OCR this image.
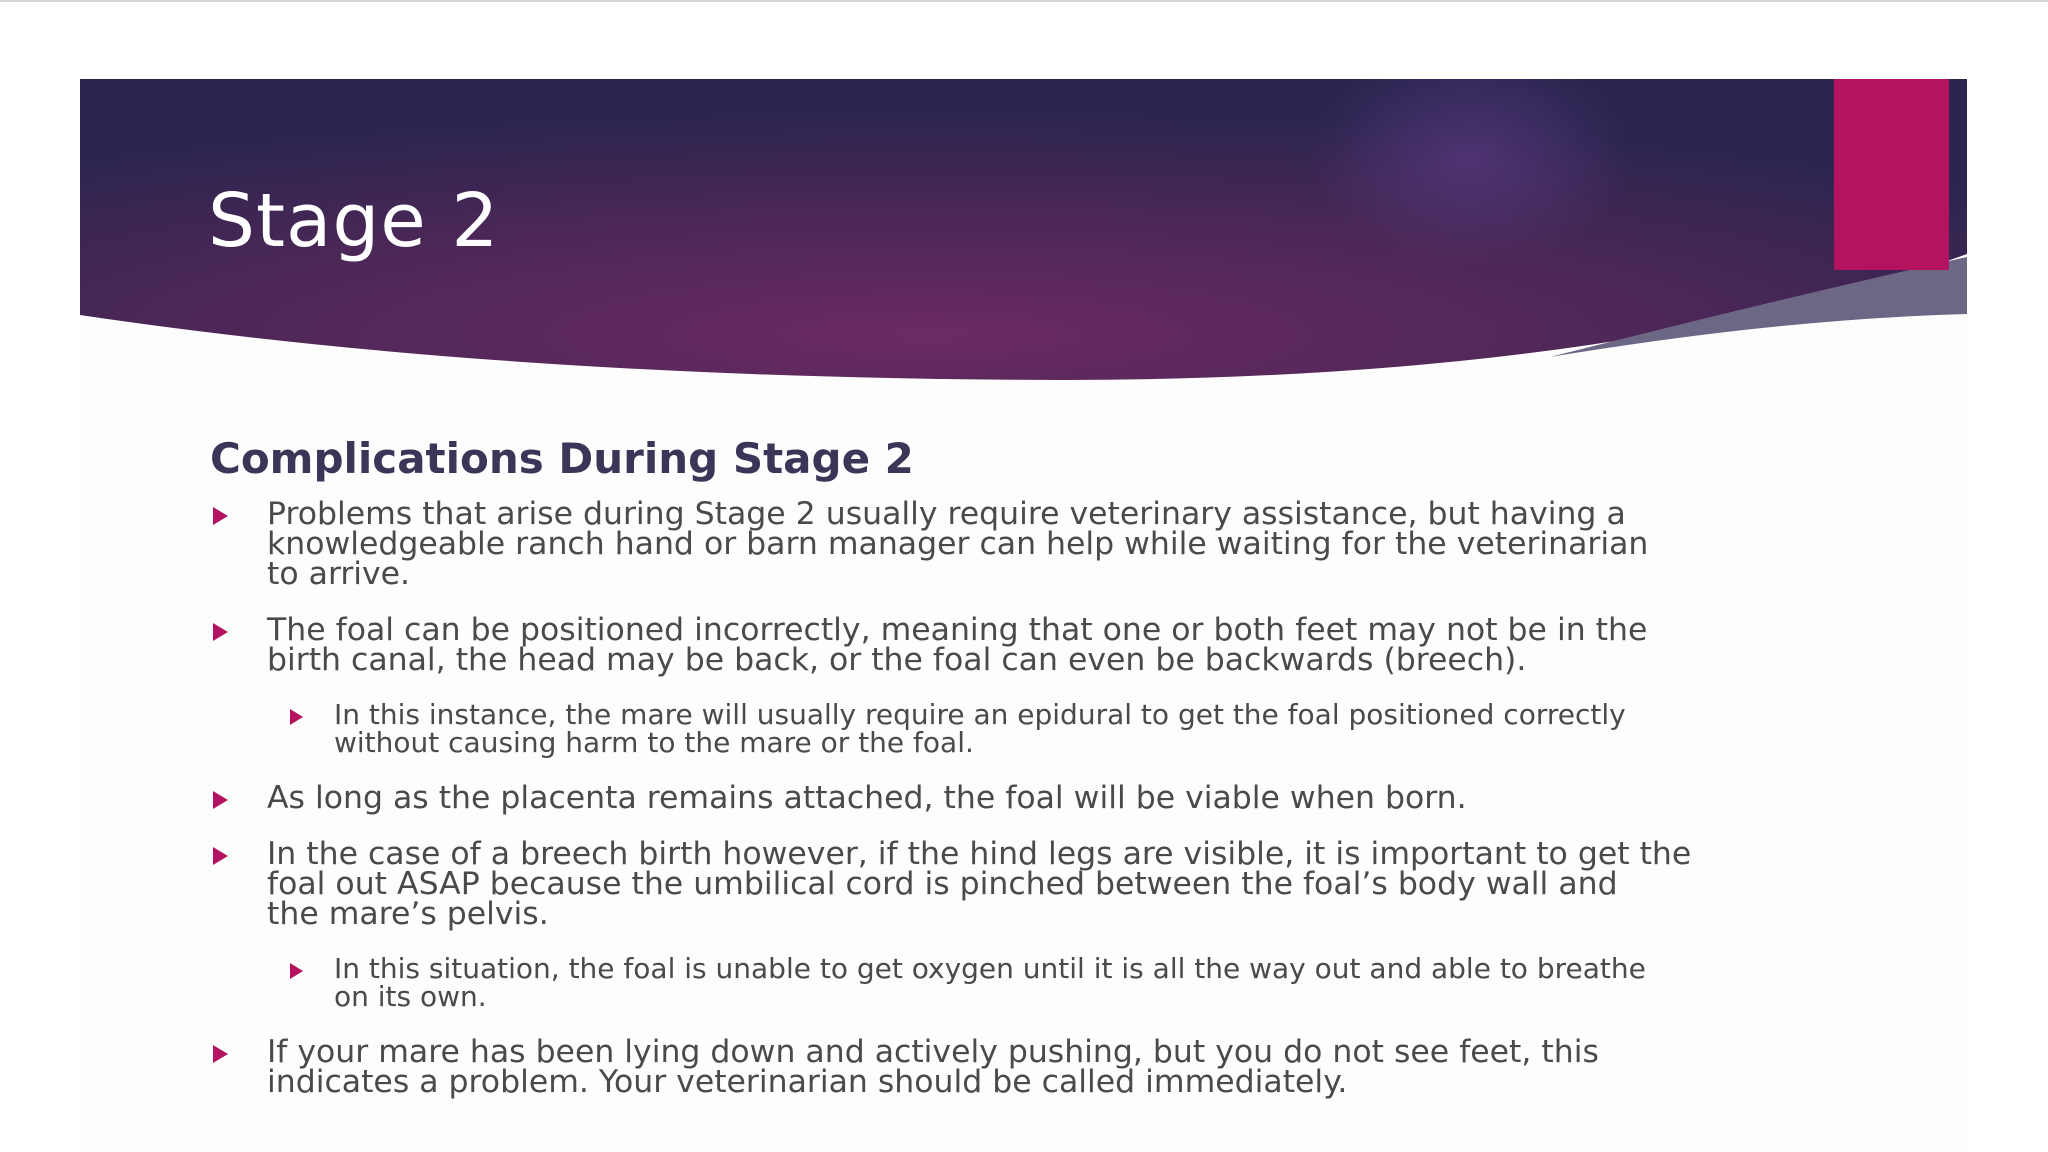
Stage 2
Complications During Stage 2
Problems that arise during Stage 2 usually require veterinary assistance, but having a
knowledgeable ranch hand or barn manager can help while waiting for the veterinarian
to arrive.
The foal can be positioned incorrectly, meaning that one or both feet may not be in the
birth canal, the head may be back, or the foal can even be backwards (breech).
In this instance, the mare will usually require an epidural to get the foal positioned correctly
without causing harm to the mare or the foal.
As long as the placenta remains attached, the foal will be viable when born.
In the case of a breech birth however, if the hind legs are visible, it is important to get the
foal out ASAP because the umbilical cord is pinched between the foal’s body wall and
the mare’s pelvis.
In this situation, the foal is unable to get oxygen until it is all the way out and able to breathe
on its own.
If your mare has been lying down and actively pushing, but you do not see feet, this
indicates a problem. Your veterinarian should be called immediately.
